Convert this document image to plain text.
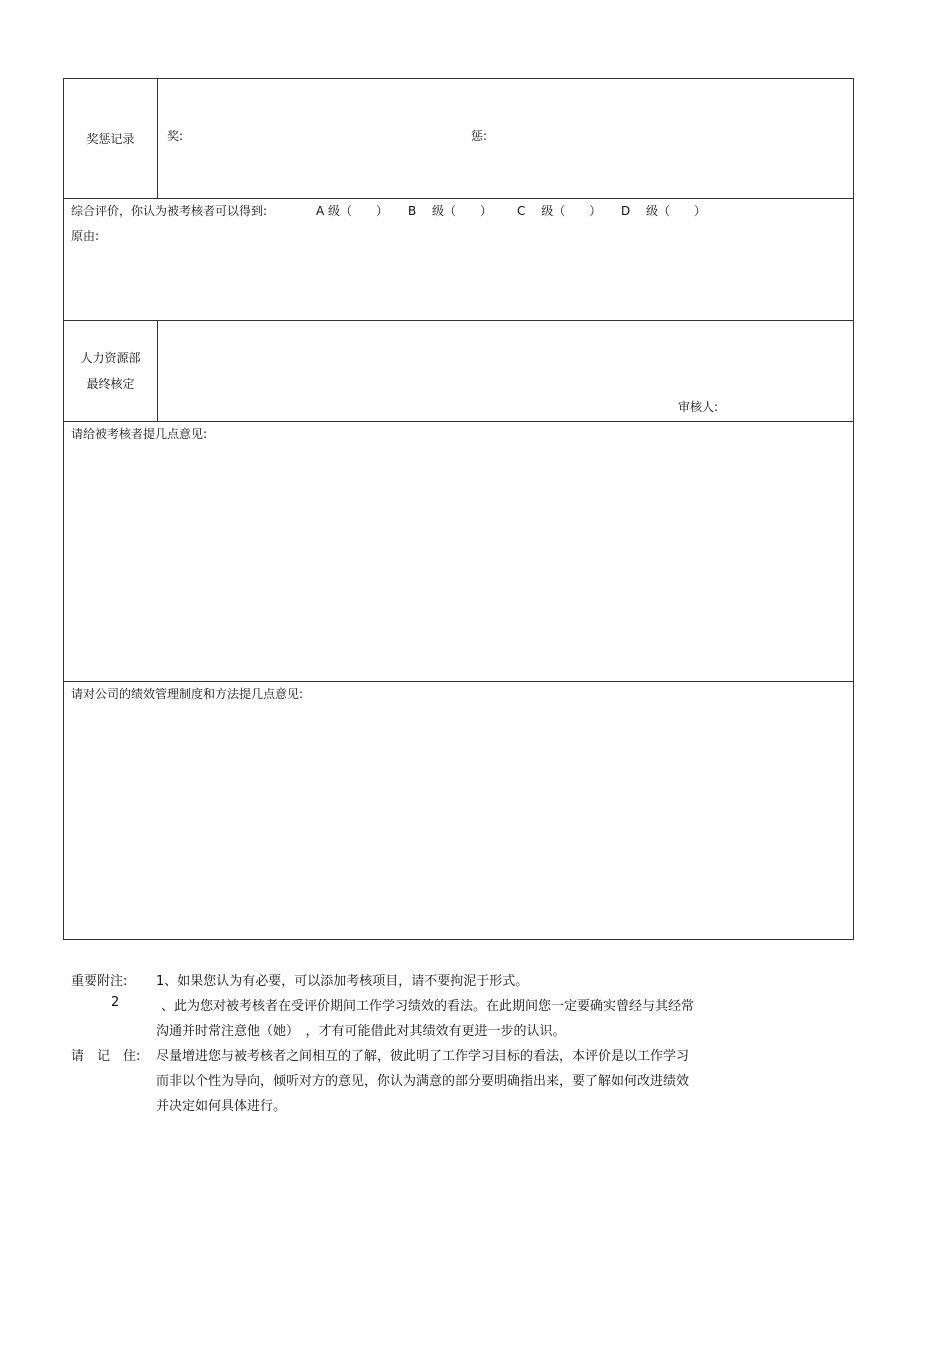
奖惩记录	奖:	惩:
综合评价，你认为被考核者可以得到:	A 级（　　） B　 级（　　） C　 级（　　） D　 级（　　）
原由:
人力资源部
最终核定
审核人:
请给被考核者提几点意见:
请对公司的绩效管理制度和方法提几点意见:
重要附注: 1、如果您认为有必要，可以添加考核项目，请不要拘泥于形式。
2	、此为您对被考核者在受评价期间工作学习绩效的看法。在此期间您一定要确实曾经与其经常
沟通并时常注意他（她）　，才有可能借此对其绩效有更进一步的认识。
请　记　住: 尽量增进您与被考核者之间相互的了解，彼此明了工作学习目标的看法，本评价是以工作学习
而非以个性为导向，倾听对方的意见，你认为满意的部分要明确指出来，要了解如何改进绩效
并决定如何具体进行。
